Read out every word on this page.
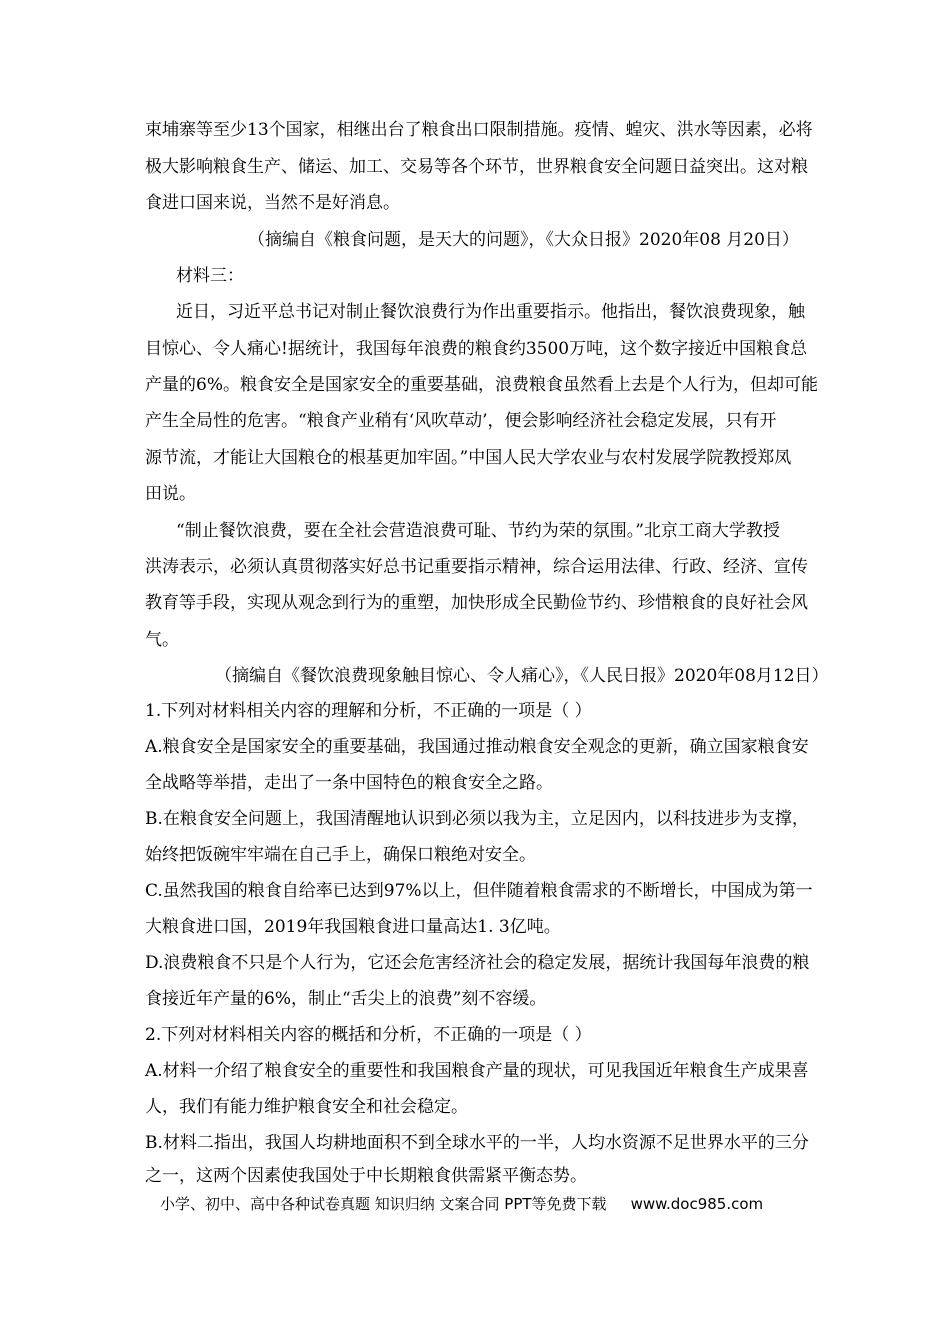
束埔寨等至少13个国家，相继出台了粮食出口限制措施。疫情、蝗灾、洪水等因素，必将
极大影响粮食生产、储运、加工、交易等各个环节，世界粮食安全问题日益突出。这对粮
食进口国来说，当然不是好消息。
（摘编自《粮食问题，是天大的问题》，《大众日报》2020年08 月20日）
材料三：
近日，习近平总书记对制止餐饮浪费行为作出重要指示。他指出，餐饮浪费现象，触
目惊心、令人痛心!据统计，我国每年浪费的粮食约3500万吨，这个数字接近中国粮食总
产量的6%。粮食安全是国家安全的重要基础，浪费粮食虽然看上去是个人行为，但却可能
产生全局性的危害。“粮食产业稍有‘风吹草动’，便会影响经济社会稳定发展，只有开
源节流，才能让大国粮仓的根基更加牢固。”中国人民大学农业与农村发展学院教授郑凤
田说。
“制止餐饮浪费，要在全社会营造浪费可耻、节约为荣的氛围。”北京工商大学教授
洪涛表示，必须认真贯彻落实好总书记重要指示精神，综合运用法律、行政、经济、宣传
教育等手段，实现从观念到行为的重塑，加快形成全民勤俭节约、珍惜粮食的良好社会风
气。
（摘编自《餐饮浪费现象触目惊心、令人痛心》，《人民日报》2020年08月12日）
1.下列对材料相关内容的理解和分析，不正确的一项是（ ）
A.粮食安全是国家安全的重要基础，我国通过推动粮食安全观念的更新，确立国家粮食安
全战略等举措，走出了一条中国特色的粮食安全之路。
B.在粮食安全问题上，我国清醒地认识到必须以我为主，立足因内，以科技进步为支撑，
始终把饭碗牢牢端在自己手上，确保口粮绝对安全。
C.虽然我国的粮食自给率已达到97%以上，但伴随着粮食需求的不断增长，中国成为第一
大粮食进口国，2019年我国粮食进口量高达1. 3亿吨。
D.浪费粮食不只是个人行为，它还会危害经济社会的稳定发展，据统计我国每年浪费的粮
食接近年产量的6%，制止“舌尖上的浪费”刻不容缓。
2.下列对材料相关内容的概括和分析，不正确的一项是（ ）
A.材料一介绍了粮食安全的重要性和我国粮食产量的现状，可见我国近年粮食生产成果喜
人，我们有能力维护粮食安全和社会稳定。
B.材料二指出，我国人均耕地面积不到全球水平的一半，人均水资源不足世界水平的三分
之一，这两个因素使我国处于中长期粮食供需紧平衡态势。
小学、初中、高中各种试卷真题 知识归纳 文案合同 PPT等免费下载 www.doc985.com
